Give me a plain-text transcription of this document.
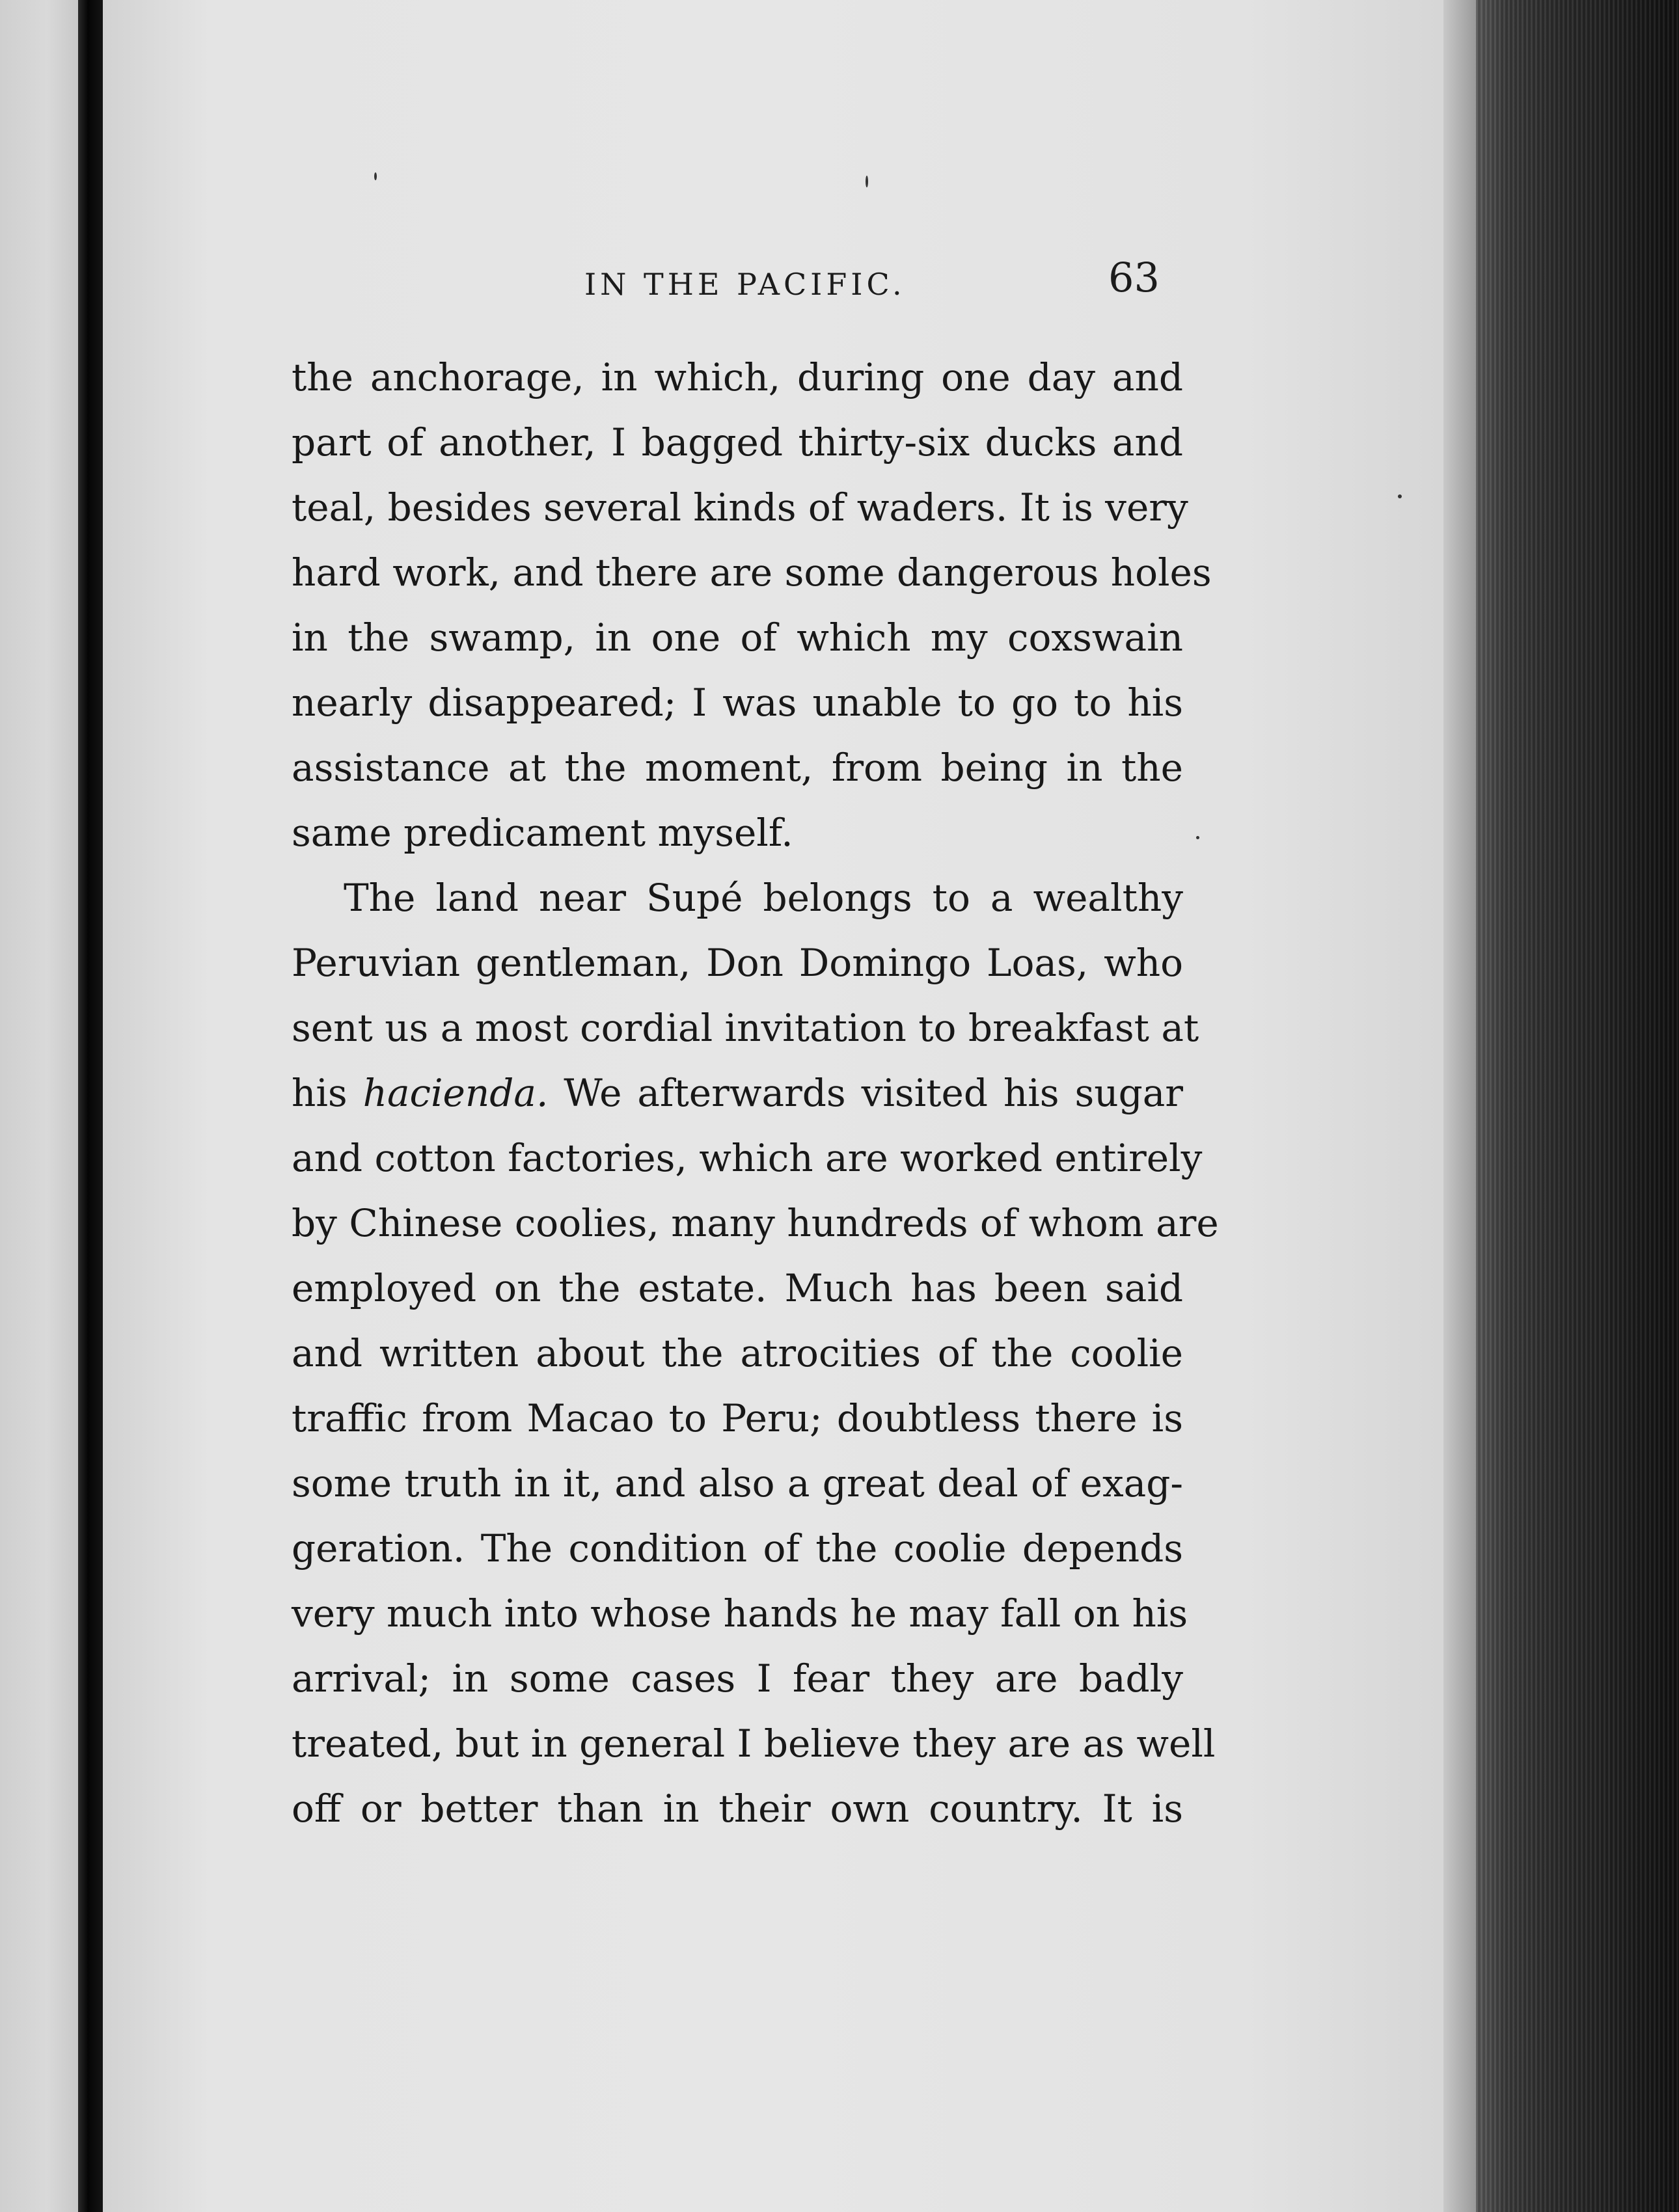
IN THE PACIFIC.	63
the anchorage, in which, during one day and
part of another, I bagged thirty-six ducks and
teal, besides several kinds of waders. It is very
hard work, and there are some dangerous holes
in the swamp, in one of which my coxswain
nearly disappeared; I was unable to go to his
assistance at the moment, from being in the
same predicament myself.
The land near Supé belongs to a wealthy
Peruvian gentleman, Don Domingo Loas, who
sent us a most cordial invitation to breakfast at
his hacienda. We afterwards visited his sugar
and cotton factories, which are worked entirely
by Chinese coolies, many hundreds of whom are
employed on the estate. Much has been said
and written about the atrocities of the coolie
traffic from Macao to Peru; doubtless there is
some truth in it, and also a great deal of exag-
geration. The condition of the coolie depends
very much into whose hands he may fall on his
arrival; in some cases I fear they are badly
treated, but in general I believe they are as well
off or better than in their own country. It is
